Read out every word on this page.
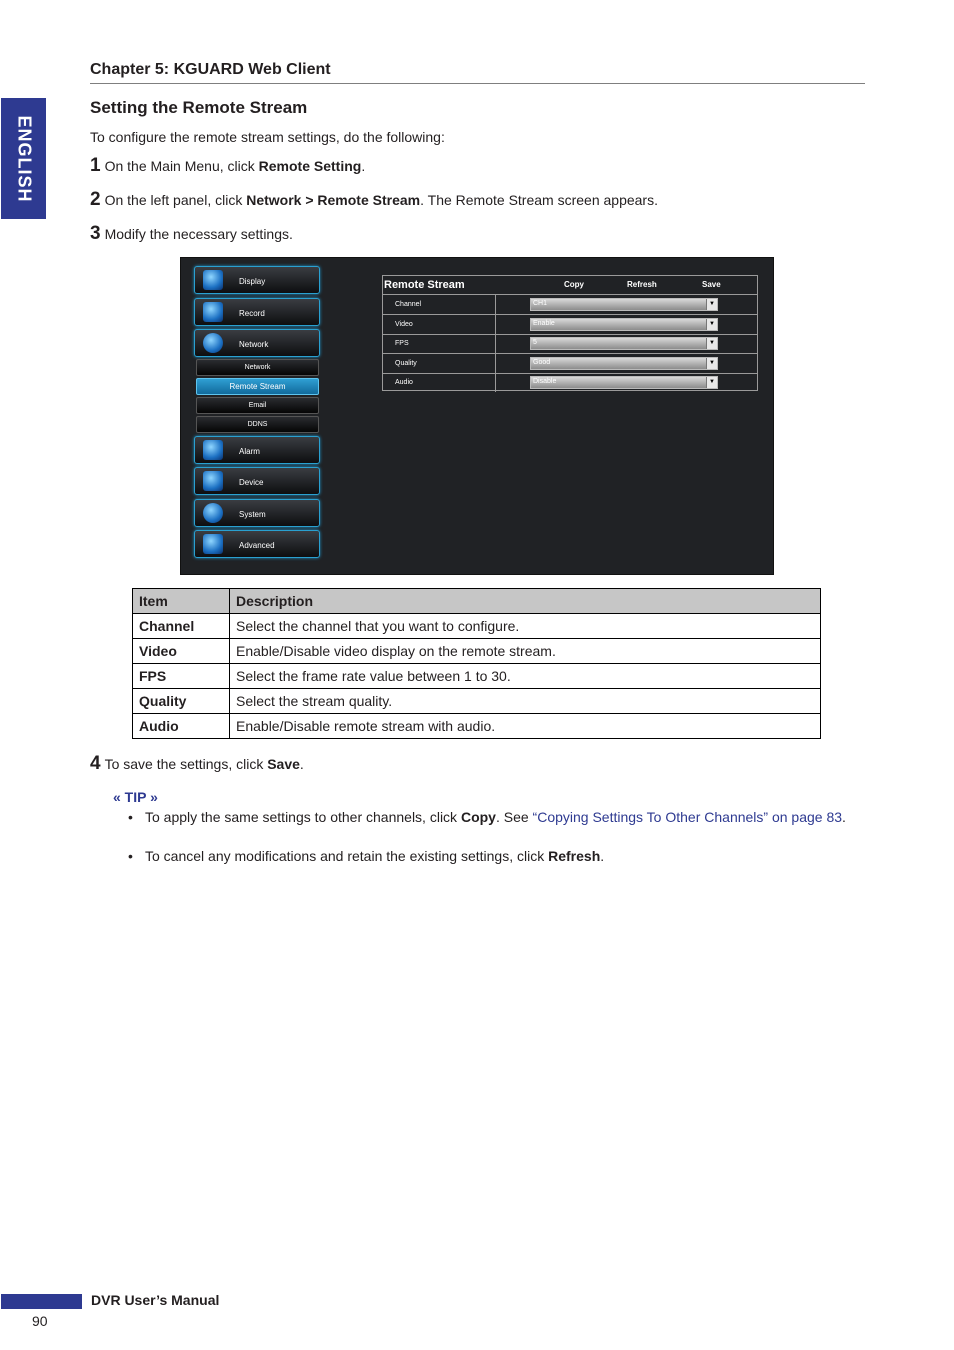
ENGLISH
Chapter 5: KGUARD Web Client
Setting the Remote Stream
To configure the remote stream settings, do the following:
1 On the Main Menu, click Remote Setting.
2 On the left panel, click Network > Remote Stream. The Remote Stream screen appears.
3 Modify the necessary settings.
Display
Record
Network
Network
Remote Stream
Email
DDNS
Alarm
Device
System
Advanced
Remote Stream	Copy	Refresh	Save
Channel	CH1	▼
Video	Enable	▼
FPS	5	▼
Quality	Good	▼
Audio	Disable	▼
Item	Description
Channel	Select the channel that you want to configure.
Video	Enable/Disable video display on the remote stream.
FPS	Select the frame rate value between 1 to 30.
Quality	Select the stream quality.
Audio	Enable/Disable remote stream with audio.
4 To save the settings, click Save.
« TIP »
• To apply the same settings to other channels, click Copy. See “Copying Settings To Other Channels” on page 83.
• To cancel any modifications and retain the existing settings, click Refresh.
DVR User’s Manual
90
